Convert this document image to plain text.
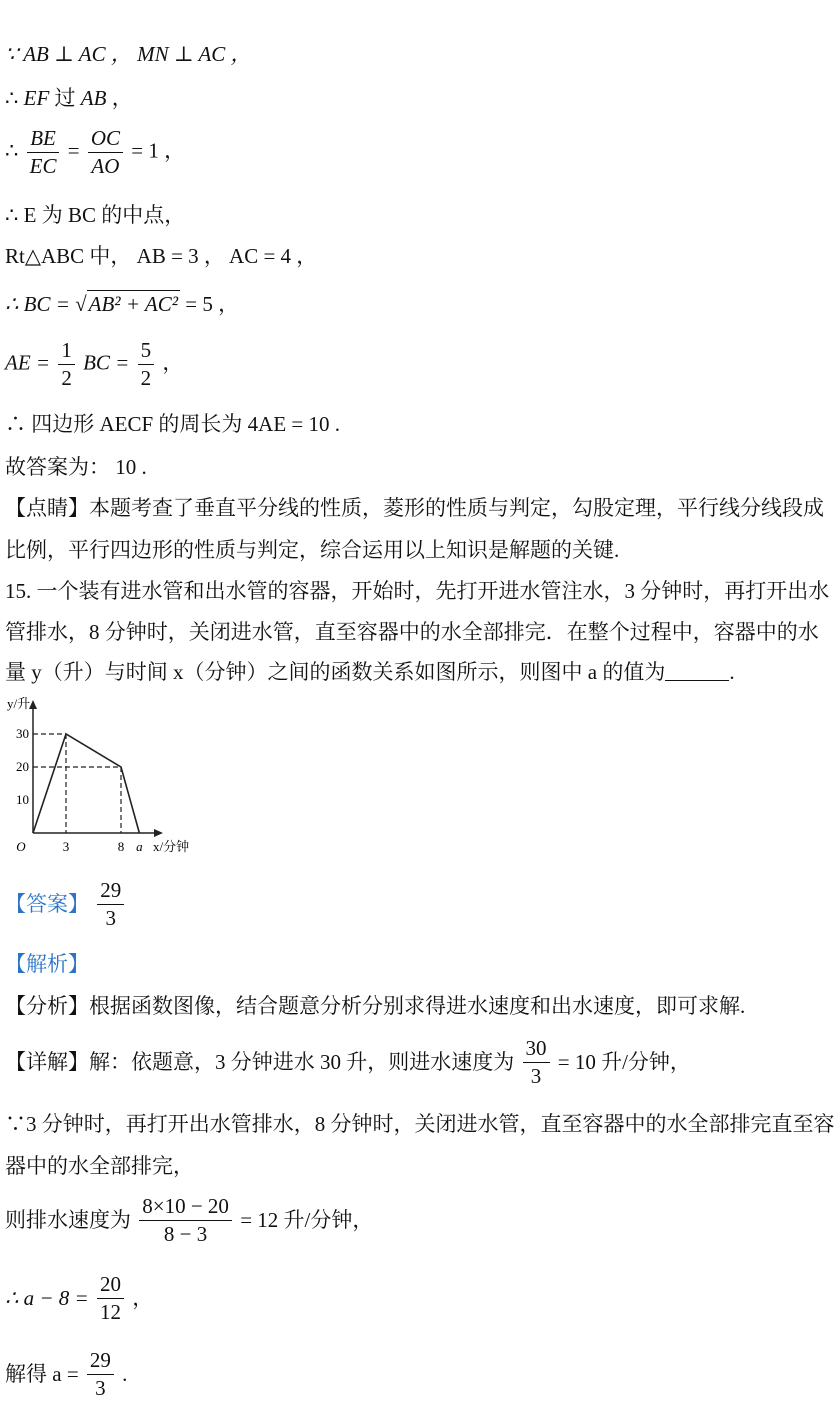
∵ AB ⊥ AC ， MN ⊥ AC ，
∴ EF 过 AB ，
∴ $\frac{BE}{EC} = \frac{OC}{AO} = 1$ ，
∴ E 为 BC 的中点，
Rt△ABC 中， AB = 3 ， AC = 4 ，
∴ BC = √AB² + AC² = 5 ，
AE = $\frac{1}{2}$ BC = $\frac{5}{2}$ ，
∴ 四边形 AECF 的周长为 4AE = 10 .
故答案为： 10 .
【点睛】本题考查了垂直平分线的性质，菱形的性质与判定，勾股定理，平行线分线段成
比例，平行四边形的性质与判定，综合运用以上知识是解题的关键.
15. 一个装有进水管和出水管的容器，开始时，先打开进水管注水，3 分钟时，再打开出水
管排水，8 分钟时，关闭进水管，直至容器中的水全部排完．在整个过程中，容器中的水
量 y（升）与时间 x（分钟）之间的函数关系如图所示，则图中 a 的值为	.
10
20
30
3	8 a
O
y/升
x/分钟
【答案】 $\frac{29}{3}$
【解析】
【分析】根据函数图像，结合题意分析分别求得进水速度和出水速度，即可求解.
【详解】解：依题意，3 分钟进水 30 升，则进水速度为 $\frac{30}{3} = 10$ 升/分钟，
∵3 分钟时，再打开出水管排水，8 分钟时，关闭进水管，直至容器中的水全部排完直至容
器中的水全部排完，
则排水速度为 $\frac{8\times 10 - 20}{8 - 3} = 12$ 升/分钟，
∴ $a - 8 = \frac{20}{12}$ ，
解得 $a = \frac{29}{3}$ .
